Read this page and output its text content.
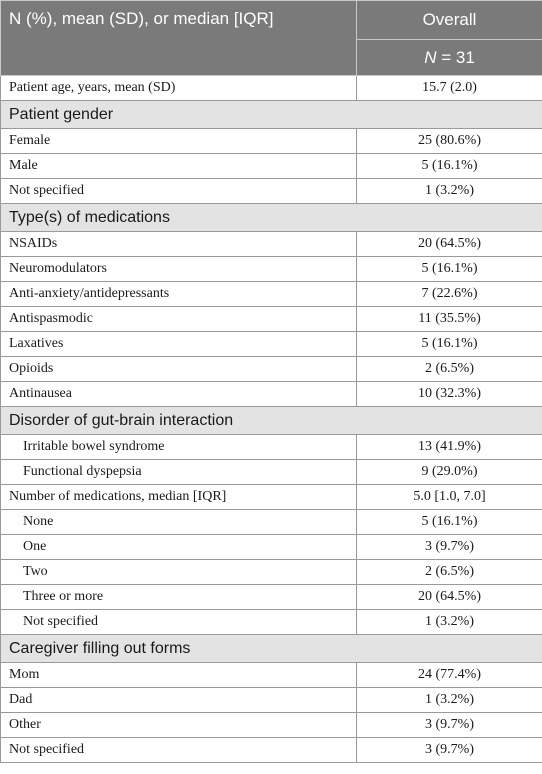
N (%), mean (SD), or median [IQR]	Overall
	N = 31
Patient age, years, mean (SD)	15.7 (2.0)
Patient gender	
Female	25 (80.6%)
Male	5 (16.1%)
Not specified	1 (3.2%)
Type(s) of medications	
NSAIDs	20 (64.5%)
Neuromodulators	5 (16.1%)
Anti-anxiety/antidepressants	7 (22.6%)
Antispasmodic	11 (35.5%)
Laxatives	5 (16.1%)
Opioids	2 (6.5%)
Antinausea	10 (32.3%)
Disorder of gut-brain interaction	
Irritable bowel syndrome	13 (41.9%)
Functional dyspepsia	9 (29.0%)
Number of medications, median [IQR]	5.0 [1.0, 7.0]
None	5 (16.1%)
One	3 (9.7%)
Two	2 (6.5%)
Three or more	20 (64.5%)
Not specified	1 (3.2%)
Caregiver filling out forms	
Mom	24 (77.4%)
Dad	1 (3.2%)
Other	3 (9.7%)
Not specified	3 (9.7%)
